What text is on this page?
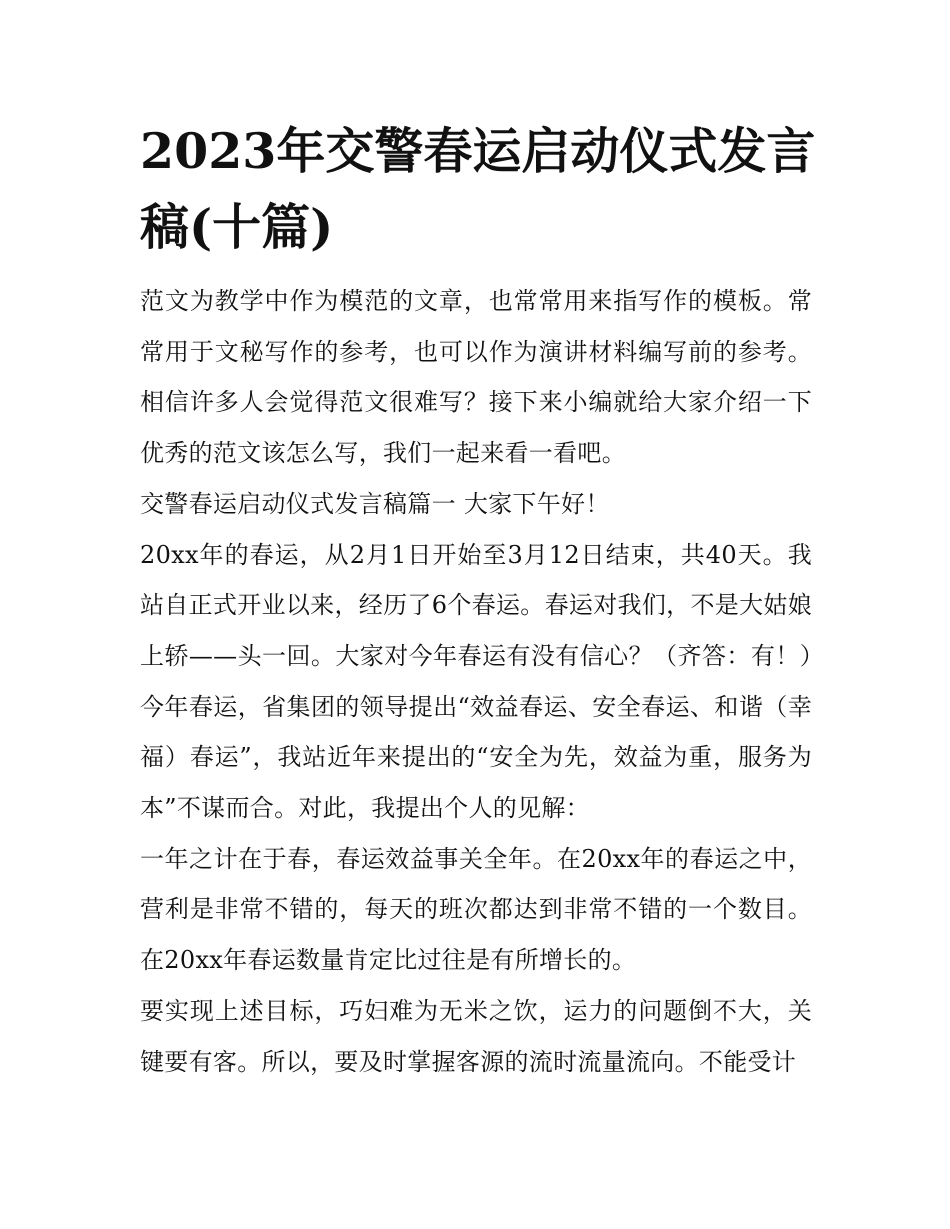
2023年交警春运启动仪式发言稿(十篇)

范文为教学中作为模范的文章，也常常用来指写作的模板。常常用于文秘写作的参考，也可以作为演讲材料编写前的参考。相信许多人会觉得范文很难写？接下来小编就给大家介绍一下优秀的范文该怎么写，我们一起来看一看吧。

交警春运启动仪式发言稿篇一 大家下午好！

20xx年的春运，从2月1日开始至3月12日结束，共40天。我站自正式开业以来，经历了6个春运。春运对我们，不是大姑娘上轿——头一回。大家对今年春运有没有信心？（齐答：有！）今年春运，省集团的领导提出“效益春运、安全春运、和谐（幸福）春运”，我站近年来提出的“安全为先，效益为重，服务为本”不谋而合。对此，我提出个人的见解：

一年之计在于春，春运效益事关全年。在20xx年的春运之中，营利是非常不错的，每天的班次都达到非常不错的一个数目。在20xx年春运数量肯定比过往是有所增长的。

要实现上述目标，巧妇难为无米之饮，运力的问题倒不大，关键要有客。所以，要及时掌握客源的流时流量流向。不能受计
